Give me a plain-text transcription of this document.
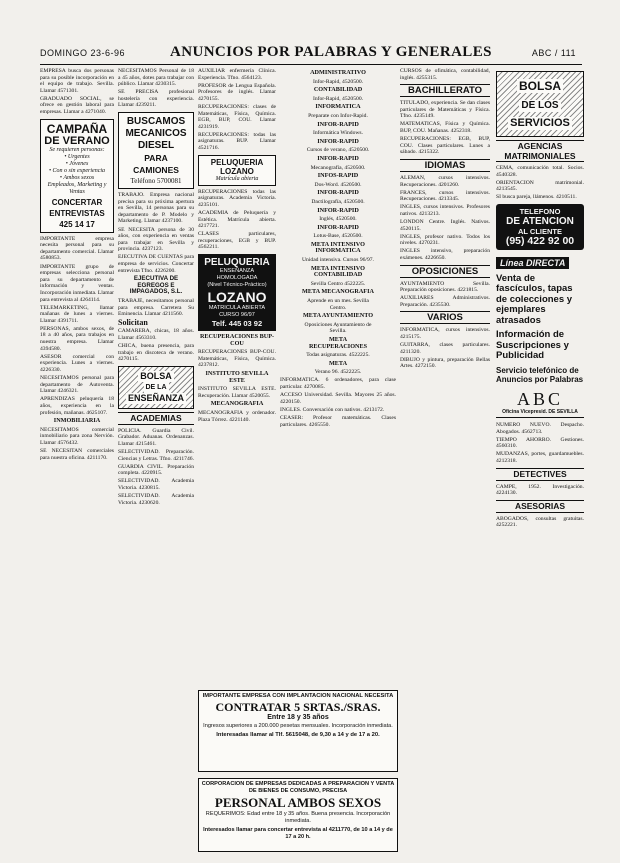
DOMINGO 23-6-96	ANUNCIOS POR PALABRAS Y GENERALES	ABC / 111

EMPRESA busca dos personas para su posible incorporación en el equipo de trabajo. Sevilla. Llamar 4571301.

GRADUADO SOCIAL, se ofrece en gestión laboral para empresas. Llamar a 4271040.

CAMPAÑA
DE VERANO
Se requieren personas:
• Urgentes
• Jóvenes
• Con o sin experiencia
• Ambos sexos
Empleados, Marketing y Ventas
CONCERTAR
ENTREVISTAS
425 14 17

IMPORTANTE empresa necesita personal para su departamento comercial. Llamar 4580853.

IMPORTANTE grupo de empresas selecciona personal para su departamento de información y ventas. Incorporación inmediata. Llamar para entrevista al 4264114.

TELEMARKETING, llamar mañanas de lunes a viernes. Llamar 4391711.

PERSONAS, ambos sexos, de 18 a 40 años, para trabajos en nuestra empresa. Llamar 4394580.

ASESOR comercial con experiencia. Lunes a viernes. 4226330.

NECESITAMOS personal para departamento de Autoventa. Llamar 4246321.

APRENDIZAS peluquería 18 años, experiencia en la profesión, mañanas. 4625107.

INMOBILIARIA

NECESITAMOS comercial inmobiliario para zona Nervión. Llamar 4576432.

SE NECESITAN comerciales para nuestra oficina. 4211170.

NECESITAMOS Personal de 18 a 45 años, dotes para trabajar con público. Llamar 4230315.

SE PRECISA profesional hostelería con experiencia. Llamar 4239211.

BUSCAMOS
MECANICOS
DIESEL
PARA CAMIONES
Teléfono 5700081

TRABAJO. Empresa nacional precisa para su próxima apertura en Sevilla, 14 personas para su departamento de P. Modelo y Marketing. Llamar 4237100.

SE NECESITA persona de 30 años, con experiencia en ventas para trabajar en Sevilla y provincia. 4237123.

EJECUTIVA DE CUENTAS para empresa de servicios. Concertar entrevista Tfno. 4226200.

EJECUTIVA DE EGREGOS E IMPAGADOS, S.L.

TRABAJE, necesitamos personal para empresa. Carretera Su Eminencia. Llamar 4211560.

Solicitan

CAMARERA, chicas, 18 años. Llamar 4563310.

CHICA, buena presencia, para trabajo en discoteca de verano. 4270115.

BOLSA
DE LA
ENSEÑANZA
ACADEMIAS

POLICIA. Guardia Civil. Grabador. Aduanas. Ordenanzas. Llamar 4215461.

SELECTIVIDAD. Preparación. Ciencias y Letras. Tfno. 4211746.

GUARDIA CIVIL. Preparación completa. 4220915.

SELECTIVIDAD. Academia Victoria. 4230815.

SELECTIVIDAD. Academia Victoria. 4230620.

AUXILIAR enfermería Clínica. Experiencia. Tfno. 4564123.

PROFESOR de Lengua Española. Profesores de inglés. Llamar 4270155.

RECUPERACIONES: clases de Matemáticas, Física, Química. EGB, BUP, COU. Llamar 4231919.

RECUPERACIONES: todas las asignaturas. BUP. Llamar 4521716.

PELUQUERIA
LOZANO
Matrícula abierta

RECUPERACIONES todas las asignaturas. Academia Victoria. 4235101.

ACADEMIA de Peluquería y Estética. Matrícula abierta. 4217721.

CLASES particulares, recuperaciones, EGB y BUP. 4562211.

PELUQUERIA
ENSEÑANZA HOMOLOGADA
(Nivel Técnico-Práctico)
LOZANO
MATRICULA ABIERTA
CURSO 96/97
Telf. 445 03 92
RECUPERACIONES BUP-COU

RECUPERACIONES BUP-COU. Matemáticas, Física, Química. 4237812.

INSTITUTO SEVILLA ESTE

INSTITUTO SEVILLA ESTE. Recuperación. Llamar 4520055.

MECANOGRAFIA

MECANOGRAFIA y ordenador. Plaza Tórrez. 4221140.

ADMINISTRATIVO

Infor-Rapid, 4520500.

CONTABILIDAD

Infor-Rapid, 4520500.

INFORMATICA

Preparate con Infor-Rapid.

INFOR-RAPID

Informática Windows.

INFOR-RAPID

Cursos de verano, 4520500.

INFOR-RAPID

Mecanografía, 4520500.

INFOS-RAPID

Dos-Word. 4520500.

INFOR-RAPID

Dactilografía, 4520500.

INFOR-RAPID

Inglés, 4520500.

INFOR-RAPID

Lotus-Base, 4520500.

META INTENSIVO INFORMATICA

Unidad intensiva. Cursos 96/97.

META INTENSIVO CONTABILIDAD

Sevilla Centro 4522225.

META MECANOGRAFIA

Aprende en un mes. Sevilla Centro.

META AYUNTAMIENTO

Oposiciones Ayuntamiento de Sevilla.

META RECUPERACIONES

Todas asignaturas. 4522225.

META

Verano 96. 4522225.

INFORMATICA. 6 ordenadores, para clase particular. 4270085.

ACCESO Universidad. Sevilla. Mayores 25 años. 4220150.

INGLES. Conversación con nativos. 4213172.

CEASER: Profesor matemáticas. Clases particulares. 4265550.

IMPORTANTE EMPRESA CON IMPLANTACION NACIONAL NECESITA
CONTRATAR 5 SRTAS./SRAS.
Entre 18 y 35 años
Ingresos superiores a 200.000 pesetas mensuales. Incorporación inmediata.
Interesadas llamar al Tlf. 5615048, de 9,30 a 14 y de 17 a 20.
CORPORACION DE EMPRESAS DEDICADAS A PREPARACION Y VENTA DE BIENES DE CONSUMO, PRECISA
PERSONAL AMBOS SEXOS
REQUERIMOS: Edad entre 18 y 35 años. Buena presencia. Incorporación inmediata.
Interesados llamar para concertar entrevista al 4211770, de 10 a 14 y de 17 a 20 h.

CURSOS de ofimática, contabilidad, inglés. 4255315.

BACHILLERATO

TITULADO, experiencia. Se dan clases particulares de Matemáticas y Física. Tfno. 4235149.

MATEMATICAS, Física y Química. BUP, COU. Mañanas. 4252318.

RECUPERACIONES: EGB, BUP, COU. Clases particulares. Lunes a sábado. 4215322.

IDIOMAS

ALEMAN, cursos intensivos. Recuperaciones. 4201260.

FRANCES, cursos intensivos. Recuperaciones. 4213345.

INGLES, cursos intensivos. Profesores nativos. 4213213.

LONDON Centre. Inglés. Nativos. 4520115.

INGLES, profesor nativo. Todos los niveles. 4270231.

INGLES intensivo, preparación exámenes. 4226650.

OPOSICIONES

AYUNTAMIENTO Sevilla. Preparación oposiciones. 4221815.

AUXILIARES Administrativos. Preparación. 4235530.

VARIOS

INFORMATICA, cursos intensivos. 4215175.

GUITARRA, clases particulares. 4211320.

DIBUJO y pintura, preparación Bellas Artes. 4272150.

BOLSA
DE LOS
SERVICIOS
AGENCIAS MATRIMONIALES

CEMA, comunicación total. Socios. 4540328.

ORIENTACION matrimonial. 4213545.

SI busca pareja, llámenos. 4210511.

TELEFONO
DE ATENCION
AL CLIENTE
(95) 422 92 00
Línea DIRECTA
Venta de fascículos, tapas de colecciones y ejemplares atrasados
Información de Suscripciones y Publicidad
Servicio telefónico de Anuncios por Palabras
ABC
Oficina Vicepresid. DE SEVILLA

NUMERO NUEVO. Despacho. Abogados. 4562713.

TIEMPO AHORRO. Gestiones. 4560310.

MUDANZAS, portes, guardamuebles. 4212318.

DETECTIVES

CAMPE, 1952. Investigación. 4224130.

ASESORIAS

ABOGADOS, consultas gratuitas. 4252221.
